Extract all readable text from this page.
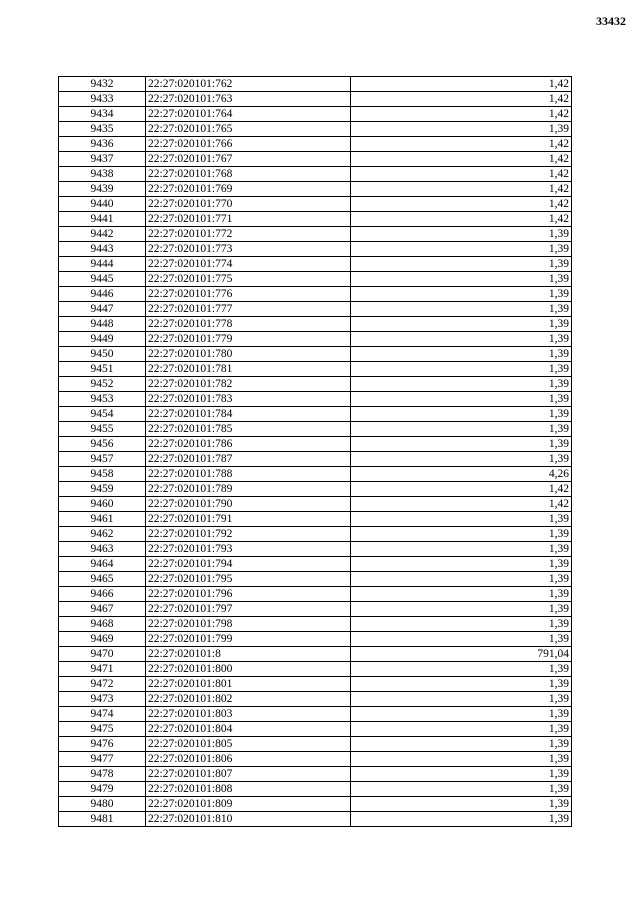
33432
9432	22:27:020101:762	1,42
9433	22:27:020101:763	1,42
9434	22:27:020101:764	1,42
9435	22:27:020101:765	1,39
9436	22:27:020101:766	1,42
9437	22:27:020101:767	1,42
9438	22:27:020101:768	1,42
9439	22:27:020101:769	1,42
9440	22:27:020101:770	1,42
9441	22:27:020101:771	1,42
9442	22:27:020101:772	1,39
9443	22:27:020101:773	1,39
9444	22:27:020101:774	1,39
9445	22:27:020101:775	1,39
9446	22:27:020101:776	1,39
9447	22:27:020101:777	1,39
9448	22:27:020101:778	1,39
9449	22:27:020101:779	1,39
9450	22:27:020101:780	1,39
9451	22:27:020101:781	1,39
9452	22:27:020101:782	1,39
9453	22:27:020101:783	1,39
9454	22:27:020101:784	1,39
9455	22:27:020101:785	1,39
9456	22:27:020101:786	1,39
9457	22:27:020101:787	1,39
9458	22:27:020101:788	4,26
9459	22:27:020101:789	1,42
9460	22:27:020101:790	1,42
9461	22:27:020101:791	1,39
9462	22:27:020101:792	1,39
9463	22:27:020101:793	1,39
9464	22:27:020101:794	1,39
9465	22:27:020101:795	1,39
9466	22:27:020101:796	1,39
9467	22:27:020101:797	1,39
9468	22:27:020101:798	1,39
9469	22:27:020101:799	1,39
9470	22:27:020101:8	791,04
9471	22:27:020101:800	1,39
9472	22:27:020101:801	1,39
9473	22:27:020101:802	1,39
9474	22:27:020101:803	1,39
9475	22:27:020101:804	1,39
9476	22:27:020101:805	1,39
9477	22:27:020101:806	1,39
9478	22:27:020101:807	1,39
9479	22:27:020101:808	1,39
9480	22:27:020101:809	1,39
9481	22:27:020101:810	1,39
